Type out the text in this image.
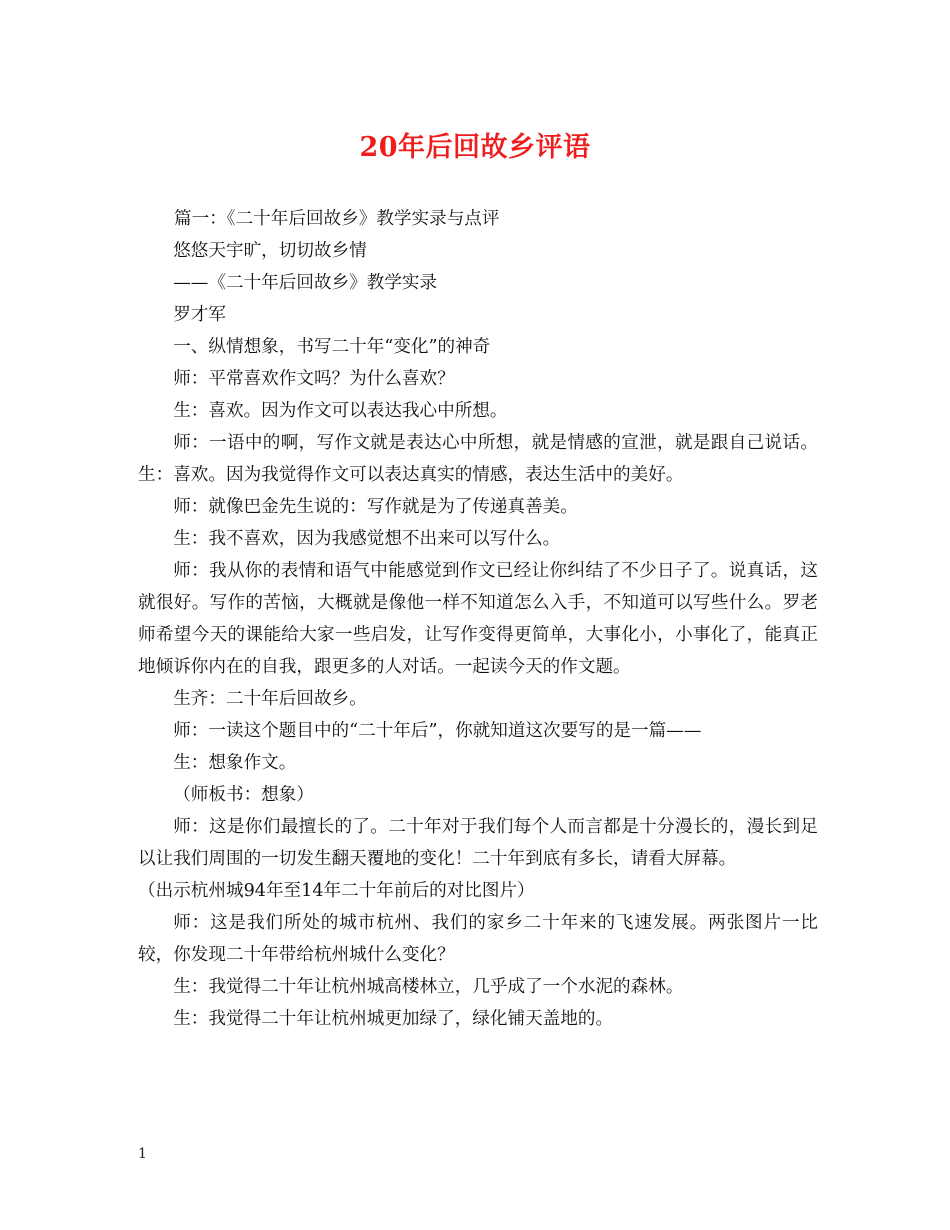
20年后回故乡评语

篇一：《二十年后回故乡》教学实录与点评

悠悠天宇旷，切切故乡情

——《二十年后回故乡》教学实录

罗才军

一、纵情想象，书写二十年“变化”的神奇

师：平常喜欢作文吗？为什么喜欢？

生：喜欢。因为作文可以表达我心中所想。

师：一语中的啊，写作文就是表达心中所想，就是情感的宣泄，就是跟自己说话。 生：喜欢。因为我觉得作文可以表达真实的情感，表达生活中的美好。

师：就像巴金先生说的：写作就是为了传递真善美。

生：我不喜欢，因为我感觉想不出来可以写什么。

师：我从你的表情和语气中能感觉到作文已经让你纠结了不少日子了。说真话，这就很好。写作的苦恼，大概就是像他一样不知道怎么入手，不知道可以写些什么。罗老师希望今天的课能给大家一些启发，让写作变得更简单，大事化小，小事化了，能真正地倾诉你内在的自我，跟更多的人对话。一起读今天的作文题。

生齐：二十年后回故乡。

师：一读这个题目中的“二十年后”，你就知道这次要写的是一篇——

生：想象作文。

（师板书：想象）

师：这是你们最擅长的了。二十年对于我们每个人而言都是十分漫长的，漫长到足以让我们周围的一切发生翻天覆地的变化！二十年到底有多长，请看大屏幕。

（出示杭州城94年至14年二十年前后的对比图片）

师：这是我们所处的城市杭州、我们的家乡二十年来的飞速发展。两张图片一比较，你发现二十年带给杭州城什么变化？

生：我觉得二十年让杭州城高楼林立，几乎成了一个水泥的森林。

生：我觉得二十年让杭州城更加绿了，绿化铺天盖地的。

1
